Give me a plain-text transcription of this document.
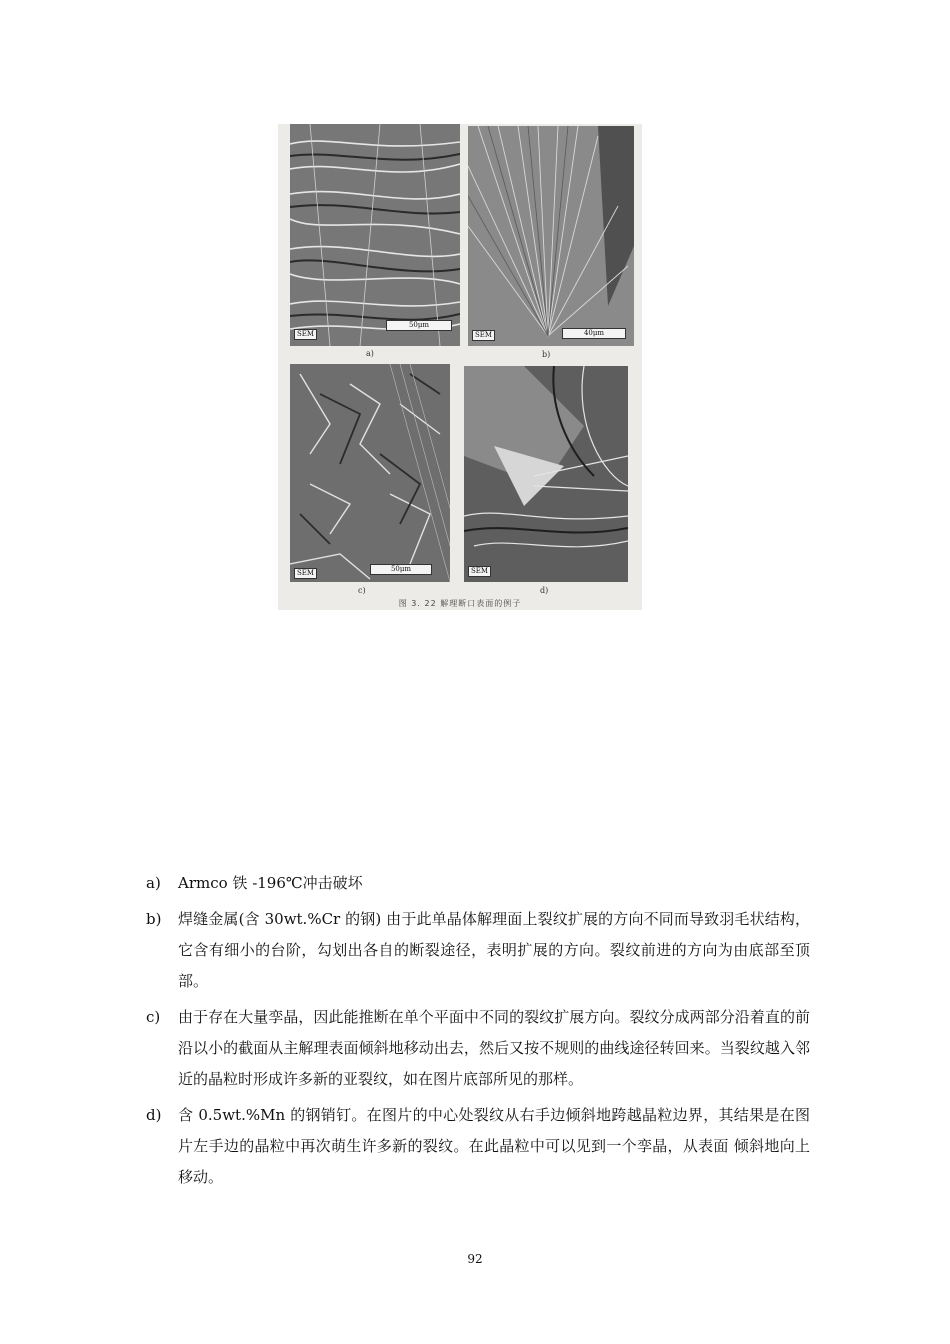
SEM
50μm
a)
SEM	40μm
b)
SEM	50μm
c)
SEM
d)
图 3. 22 解理断口表面的例子
a) Armco 铁 -196℃冲击破坏
b) 焊缝金属(含 30wt.%Cr 的钢) 由于此单晶体解理面上裂纹扩展的方向不同而导致羽毛状结构，它含有细小的台阶，勾划出各自的断裂途径，表明扩展的方向。裂纹前进的方向为由底部至顶部。
c) 由于存在大量孪晶，因此能推断在单个平面中不同的裂纹扩展方向。裂纹分成两部分沿着直的前沿以小的截面从主解理表面倾斜地移动出去，然后又按不规则的曲线途径转回来。当裂纹越入邻近的晶粒时形成许多新的亚裂纹，如在图片底部所见的那样。
d) 含 0.5wt.%Mn 的钢销钉。在图片的中心处裂纹从右手边倾斜地跨越晶粒边界，其结果是在图片左手边的晶粒中再次萌生许多新的裂纹。在此晶粒中可以见到一个孪晶，从表面 倾斜地向上移动。
92
